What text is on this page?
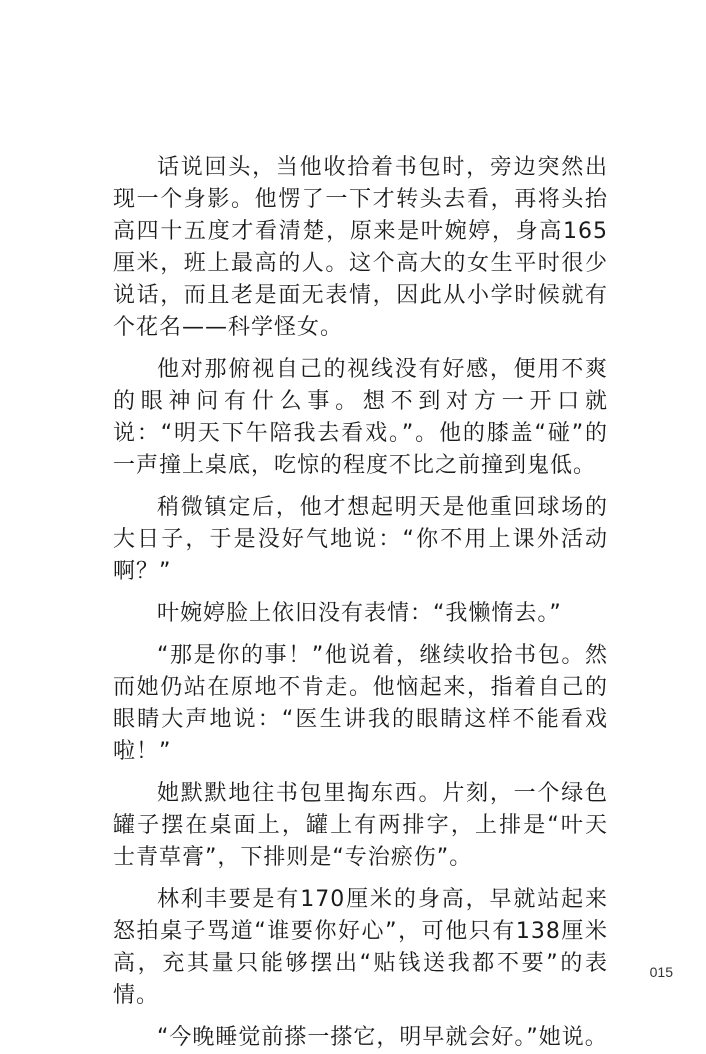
话说回头，当他收拾着书包时，旁边突然出现一个身影。他愣了一下才转头去看，再将头抬高四十五度才看清楚，原来是叶婉婷，身高165厘米，班上最高的人。这个高大的女生平时很少说话，而且老是面无表情，因此从小学时候就有个花名——科学怪女。

他对那俯视自己的视线没有好感，便用不爽的眼神问有什么事。想不到对方一开口就说：“明天下午陪我去看戏。”。他的膝盖“碰”的一声撞上桌底，吃惊的程度不比之前撞到鬼低。

稍微镇定后，他才想起明天是他重回球场的大日子，于是没好气地说：“你不用上课外活动啊？”

叶婉婷脸上依旧没有表情：“我懒惰去。”

“那是你的事！”他说着，继续收拾书包。然而她仍站在原地不肯走。他恼起来，指着自己的眼睛大声地说：“医生讲我的眼睛这样不能看戏啦！”

她默默地往书包里掏东西。片刻，一个绿色罐子摆在桌面上，罐上有两排字，上排是“叶天士青草膏”，下排则是“专治瘀伤”。

林利丰要是有170厘米的身高，早就站起来怒拍桌子骂道“谁要你好心”，可他只有138厘米高，充其量只能够摆出“贴钱送我都不要”的表情。

“今晚睡觉前搽一搽它，明早就会好。”她说。

015
